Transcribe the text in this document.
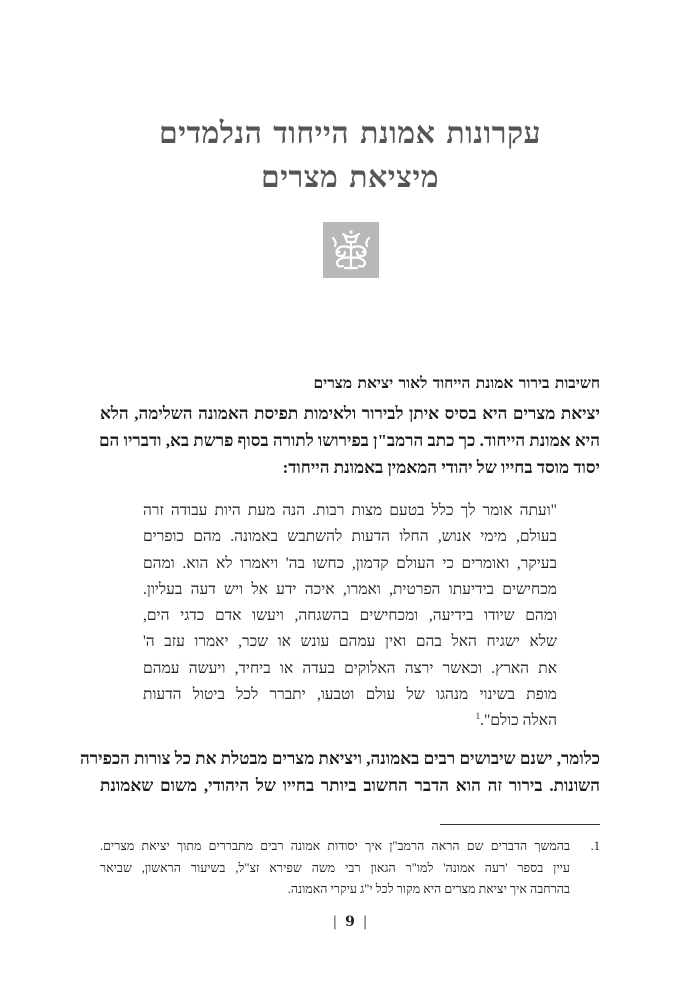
עקרונות אמונת הייחוד הנלמדים
מיציאת מצרים
חשיבות בירור אמונת הייחוד לאור יציאת מצרים
יציאת מצרים היא בסיס איתן לבירור ולאימות תפיסת האמונה השלימה, הלא
היא אמונת הייחוד. כך כתב הרמב"ן בפירושו לתורה בסוף פרשת בא, ודבריו הם
יסוד מוסד בחייו של יהודי המאמין באמונת הייחוד:
"ועתה אומר לך כלל בטעם מצות רבות. הנה מעת היות עבודה זרה
בעולם, מימי אנוש, החלו הדעות להשתבש באמונה. מהם כופרים
בעיקר, ואומרים כי העולם קדמון, כחשו בה' ויאמרו לא הוא. ומהם
מכחישים בידיעתו הפרטית, ואמרו, איכה ידע אל ויש דעה בעליון.
ומהם שיודו בידיעה, ומכחישים בהשגחה, ויעשו אדם כדגי הים,
שלא ישגיח האל בהם ואין עמהם עונש או שכר, יאמרו עזב ה'
את הארץ. וכאשר ירצה האלוקים בעדה או ביחיד, ויעשה עמהם
מופת בשינוי מנהגו של עולם וטבעו, יתברר לכל ביטול הדעות
האלה כולם".$^1$
כלומר, ישנם שיבושים רבים באמונה, ויציאת מצרים מבטלת את כל צורות הכפירה
השונות. בירור זה הוא הדבר החשוב ביותר בחייו של היהודי, משום שאמונת
1.
בהמשך הדברים שם הראה הרמב"ן איך יסודות אמונה רבים מתבררים מתוך יציאת מצרים.
עיין בספר 'רעה אמונה' למו"ר הגאון רבי משה שפירא זצ"ל, בשיעור הראשון, שביאר
בהרחבה איך יציאת מצרים היא מקור לכל י"ג עיקרי האמונה.
| 9 |
